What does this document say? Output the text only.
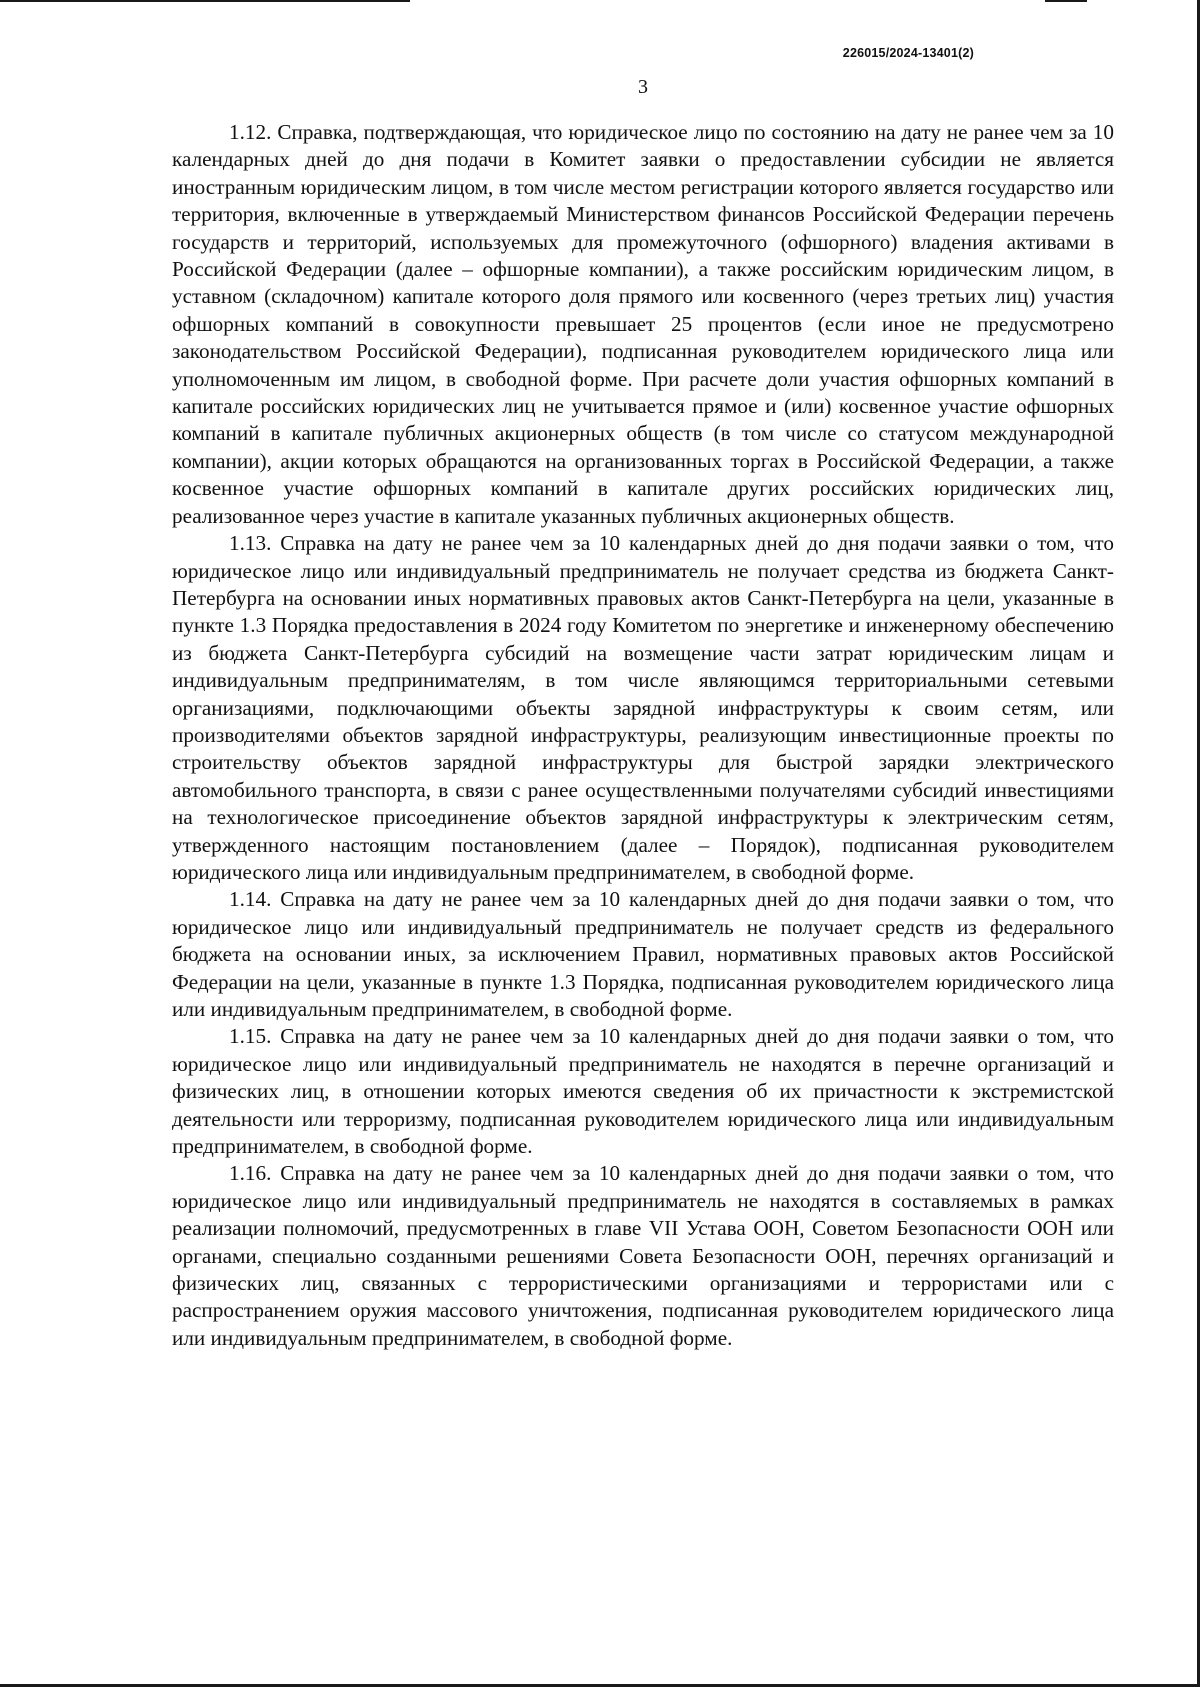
226015/2024-13401(2)
3

1.12. Справка, подтверждающая, что юридическое лицо по состоянию на дату не ранее чем за 10 календарных дней до дня подачи в Комитет заявки о предоставлении субсидии не является иностранным юридическим лицом, в том числе местом регистрации которого является государство или территория, включенные в утверждаемый Министерством финансов Российской Федерации перечень государств и территорий, используемых для промежуточного (офшорного) владения активами в Российской Федерации (далее – офшорные компании), а также российским юридическим лицом, в уставном (складочном) капитале которого доля прямого или косвенного (через третьих лиц) участия офшорных компаний в совокупности превышает 25 процентов (если иное не предусмотрено законодательством Российской Федерации), подписанная руководителем юридического лица или уполномоченным им лицом, в свободной форме. При расчете доли участия офшорных компаний в капитале российских юридических лиц не учитывается прямое и (или) косвенное участие офшорных компаний в капитале публичных акционерных обществ (в том числе со статусом международной компании), акции которых обращаются на организованных торгах в Российской Федерации, а также косвенное участие офшорных компаний в капитале других российских юридических лиц, реализованное через участие в капитале указанных публичных акционерных обществ.

1.13. Справка на дату не ранее чем за 10 календарных дней до дня подачи заявки о том, что юридическое лицо или индивидуальный предприниматель не получает средства из бюджета Санкт-Петербурга на основании иных нормативных правовых актов Санкт-Петербурга на цели, указанные в пункте 1.3 Порядка предоставления в 2024 году Комитетом по энергетике и инженерному обеспечению из бюджета Санкт-Петербурга субсидий на возмещение части затрат юридическим лицам и индивидуальным предпринимателям, в том числе являющимся территориальными сетевыми организациями, подключающими объекты зарядной инфраструктуры к своим сетям, или производителями объектов зарядной инфраструктуры, реализующим инвестиционные проекты по строительству объектов зарядной инфраструктуры для быстрой зарядки электрического автомобильного транспорта, в связи с ранее осуществленными получателями субсидий инвестициями на технологическое присоединение объектов зарядной инфраструктуры к электрическим сетям, утвержденного настоящим постановлением (далее – Порядок), подписанная руководителем юридического лица или индивидуальным предпринимателем, в свободной форме.

1.14. Справка на дату не ранее чем за 10 календарных дней до дня подачи заявки о том, что юридическое лицо или индивидуальный предприниматель не получает средств из федерального бюджета на основании иных, за исключением Правил, нормативных правовых актов Российской Федерации на цели, указанные в пункте 1.3 Порядка, подписанная руководителем юридического лица или индивидуальным предпринимателем, в свободной форме.

1.15. Справка на дату не ранее чем за 10 календарных дней до дня подачи заявки о том, что юридическое лицо или индивидуальный предприниматель не находятся в перечне организаций и физических лиц, в отношении которых имеются сведения об их причастности к экстремистской деятельности или терроризму, подписанная руководителем юридического лица или индивидуальным предпринимателем, в свободной форме.

1.16. Справка на дату не ранее чем за 10 календарных дней до дня подачи заявки о том, что юридическое лицо или индивидуальный предприниматель не находятся в составляемых в рамках реализации полномочий, предусмотренных в главе VII Устава ООН, Советом Безопасности ООН или органами, специально созданными решениями Совета Безопасности ООН, перечнях организаций и физических лиц, связанных с террористическими организациями и террористами или с распространением оружия массового уничтожения, подписанная руководителем юридического лица или индивидуальным предпринимателем, в свободной форме.
